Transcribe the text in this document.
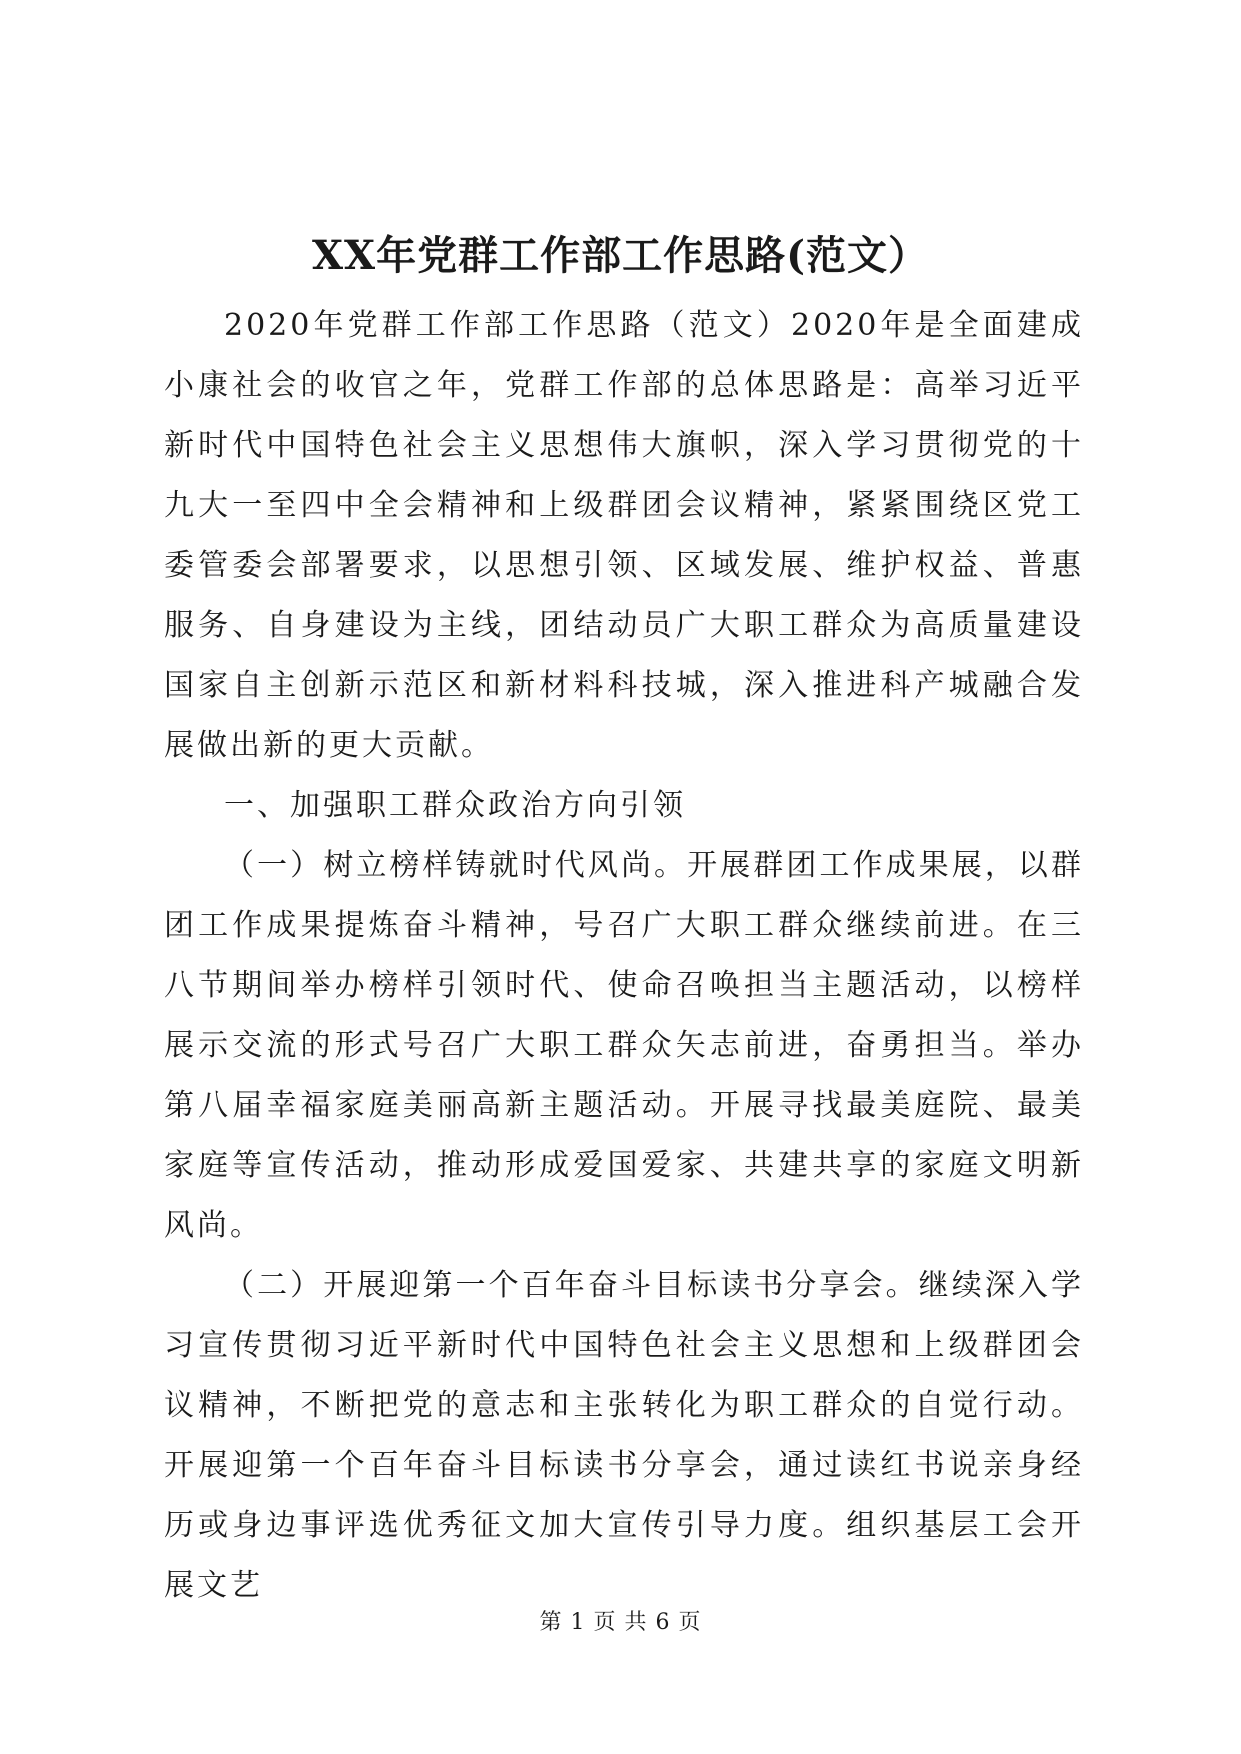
XX年党群工作部工作思路(范文）

2020年党群工作部工作思路（范文）2020年是全面建成小康社会的收官之年，党群工作部的总体思路是：高举习近平新时代中国特色社会主义思想伟大旗帜，深入学习贯彻党的十九大一至四中全会精神和上级群团会议精神，紧紧围绕区党工委管委会部署要求，以思想引领、区域发展、维护权益、普惠服务、自身建设为主线，团结动员广大职工群众为高质量建设国家自主创新示范区和新材料科技城，深入推进科产城融合发展做出新的更大贡献。

一、加强职工群众政治方向引领

（一）树立榜样铸就时代风尚。开展群团工作成果展，以群团工作成果提炼奋斗精神，号召广大职工群众继续前进。在三八节期间举办榜样引领时代、使命召唤担当主题活动，以榜样展示交流的形式号召广大职工群众矢志前进，奋勇担当。举办第八届幸福家庭美丽高新主题活动。开展寻找最美庭院、最美家庭等宣传活动，推动形成爱国爱家、共建共享的家庭文明新风尚。

（二）开展迎第一个百年奋斗目标读书分享会。继续深入学习宣传贯彻习近平新时代中国特色社会主义思想和上级群团会议精神，不断把党的意志和主张转化为职工群众的自觉行动。开展迎第一个百年奋斗目标读书分享会，通过读红书说亲身经历或身边事评选优秀征文加大宣传引导力度。组织基层工会开展文艺

第 1 页 共 6 页
